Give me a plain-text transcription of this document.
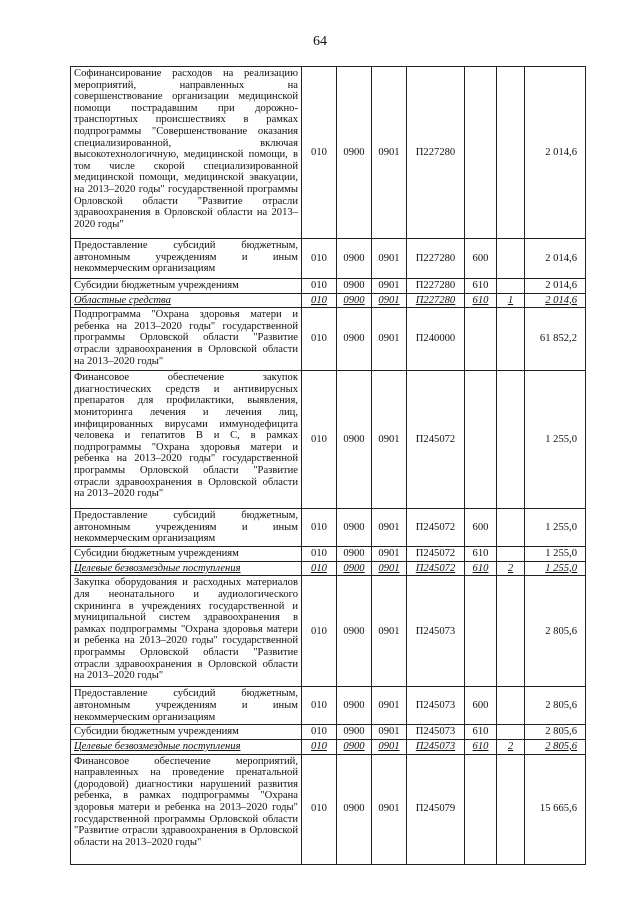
64
Софинансирование расходов на реализацию мероприятий, направленных на совершенствование организации медицинской помощи пострадавшим при дорожно-транспортных происшествиях в рамках подпрограммы "Совершенствование оказания специализированной, включая высокотехнологичную, медицинской помощи, в том числе скорой специализированной медицинской помощи, медицинской эвакуации, на 2013–2020 годы" государственной программы Орловской области "Развитие отрасли здравоохранения в Орловской области на 2013–2020 годы"	010	0900	0901	П227280			2 014,6
Предоставление субсидий бюджетным, автономным учреждениям и иным некоммерческим организациям	010	0900	0901	П227280	600		2 014,6
Субсидии бюджетным учреждениям	010	0900	0901	П227280	610		2 014,6
Областные средства	010	0900	0901	П227280	610	1	2 014,6
Подпрограмма "Охрана здоровья матери и ребенка на 2013–2020 годы" государственной программы Орловской области "Развитие отрасли здравоохранения в Орловской области на 2013–2020 годы"	010	0900	0901	П240000			61 852,2
Финансовое обеспечение закупок диагностических средств и антивирусных препаратов для профилактики, выявления, мониторинга лечения и лечения лиц, инфицированных вирусами иммунодефицита человека и гепатитов В и С, в рамках подпрограммы "Охрана здоровья матери и ребенка на 2013–2020 годы" государственной программы Орловской области "Развитие отрасли здравоохранения в Орловской области на 2013–2020 годы"	010	0900	0901	П245072			1 255,0
Предоставление субсидий бюджетным, автономным учреждениям и иным некоммерческим организациям	010	0900	0901	П245072	600		1 255,0
Субсидии бюджетным учреждениям	010	0900	0901	П245072	610		1 255,0
Целевые безвозмездные поступления	010	0900	0901	П245072	610	2	1 255,0
Закупка оборудования и расходных материалов для неонатального и аудиологического скрининга в учреждениях государственной и муниципальной систем здравоохранения в рамках подпрограммы "Охрана здоровья матери и ребенка на 2013–2020 годы" государственной программы Орловской области "Развитие отрасли здравоохранения в Орловской области на 2013–2020 годы"	010	0900	0901	П245073			2 805,6
Предоставление субсидий бюджетным, автономным учреждениям и иным некоммерческим организациям	010	0900	0901	П245073	600		2 805,6
Субсидии бюджетным учреждениям	010	0900	0901	П245073	610		2 805,6
Целевые безвозмездные поступления	010	0900	0901	П245073	610	2	2 805,6
Финансовое обеспечение мероприятий, направленных на проведение пренатальной (дородовой) диагностики нарушений развития ребенка, в рамках подпрограммы "Охрана здоровья матери и ребенка на 2013–2020 годы" государственной программы Орловской области "Развитие отрасли здравоохранения в Орловской области на 2013–2020 годы"	010	0900	0901	П245079			15 665,6
